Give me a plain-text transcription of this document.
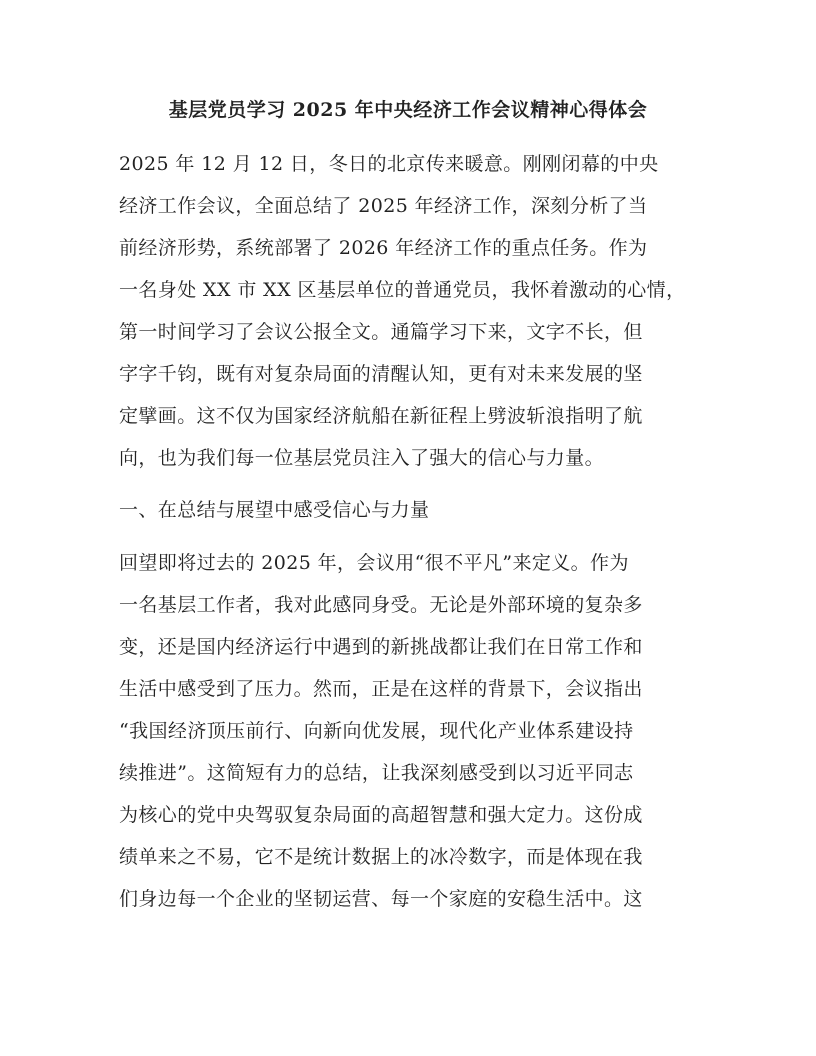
基层党员学习 2025 年中央经济工作会议精神心得体会
2025 年 12 月 12 日，冬日的北京传来暖意。刚刚闭幕的中央
经济工作会议，全面总结了 2025 年经济工作，深刻分析了当
前经济形势，系统部署了 2026 年经济工作的重点任务。作为
一名身处 XX 市 XX 区基层单位的普通党员，我怀着激动的心情，
第一时间学习了会议公报全文。通篇学习下来，文字不长，但
字字千钧，既有对复杂局面的清醒认知，更有对未来发展的坚
定擘画。这不仅为国家经济航船在新征程上劈波斩浪指明了航
向，也为我们每一位基层党员注入了强大的信心与力量。
一、在总结与展望中感受信心与力量
回望即将过去的 2025 年，会议用“很不平凡”来定义。作为
一名基层工作者，我对此感同身受。无论是外部环境的复杂多
变，还是国内经济运行中遇到的新挑战都让我们在日常工作和
生活中感受到了压力。然而，正是在这样的背景下，会议指出
“我国经济顶压前行、向新向优发展，现代化产业体系建设持
续推进”。这简短有力的总结，让我深刻感受到以习近平同志
为核心的党中央驾驭复杂局面的高超智慧和强大定力。这份成
绩单来之不易，它不是统计数据上的冰冷数字，而是体现在我
们身边每一个企业的坚韧运营、每一个家庭的安稳生活中。这
